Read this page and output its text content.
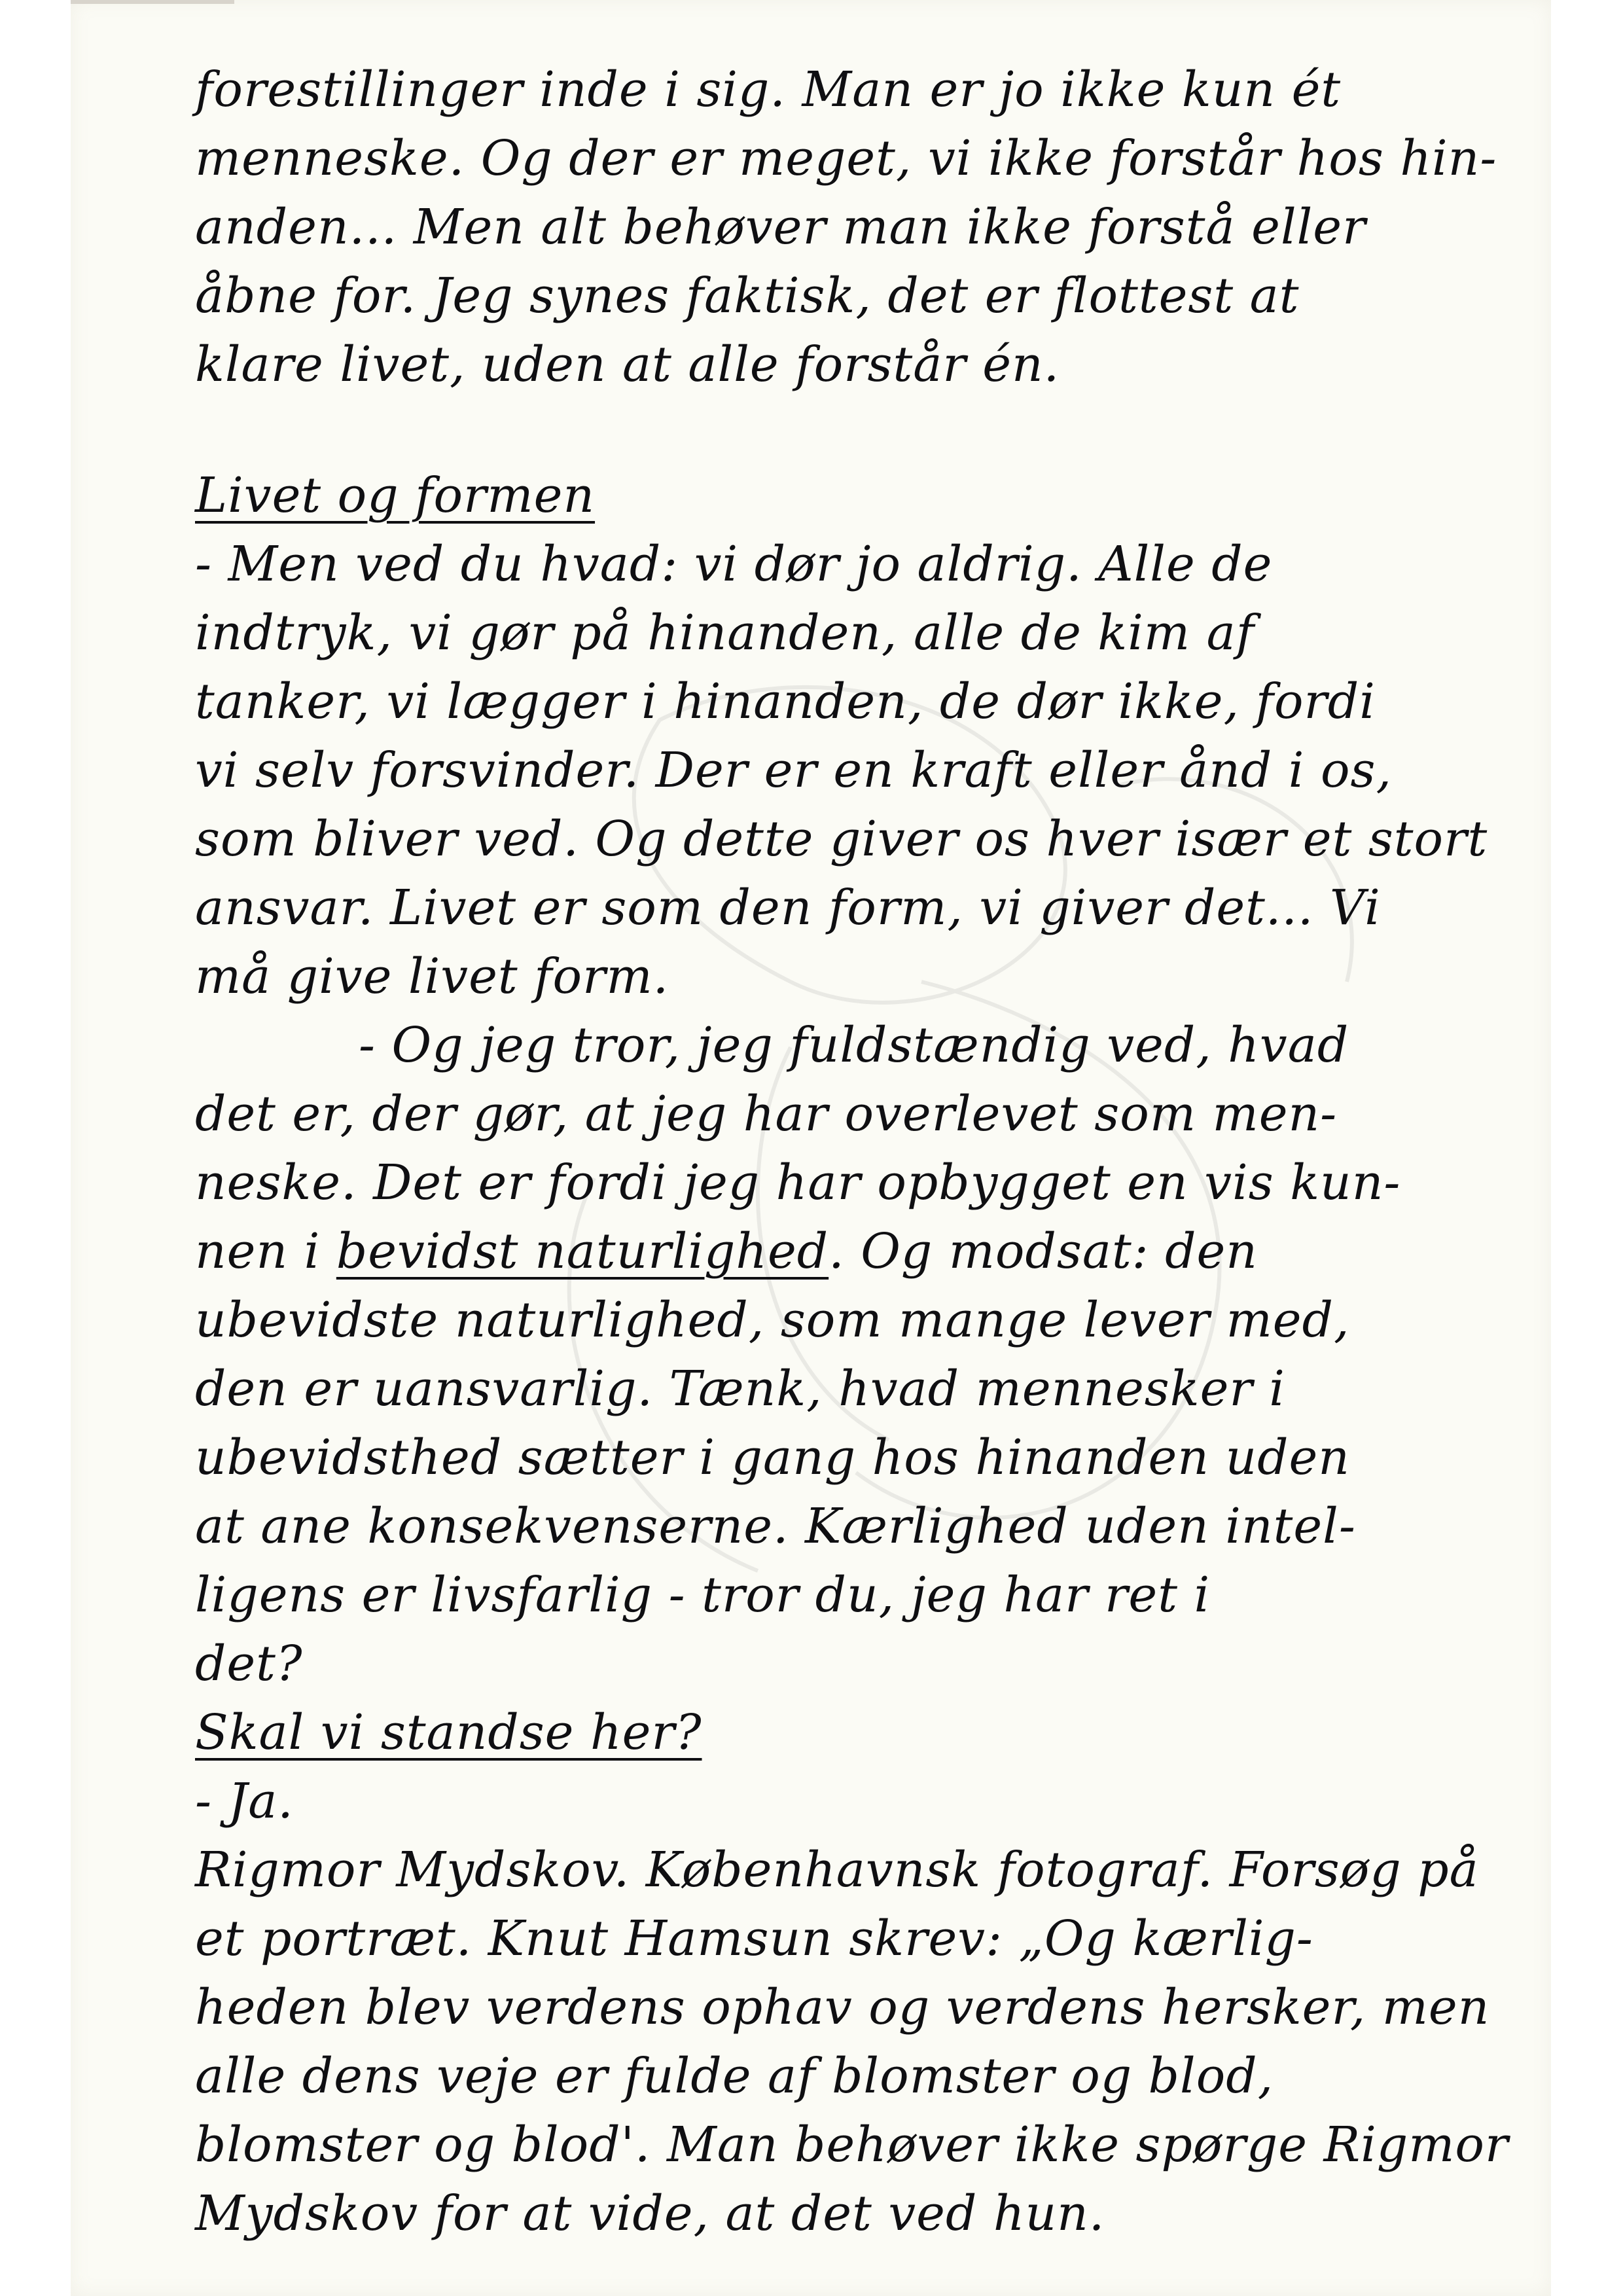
forestillinger inde i sig. Man er jo ikke kun ét
menneske. Og der er meget, vi ikke forstår hos hin-
anden... Men alt behøver man ikke forstå eller
åbne for. Jeg synes faktisk, det er flottest at
klare livet, uden at alle forstår én.
Livet og formen
- Men ved du hvad: vi dør jo aldrig. Alle de
indtryk, vi gør på hinanden, alle de kim af
tanker, vi lægger i hinanden, de dør ikke, fordi
vi selv forsvinder. Der er en kraft eller ånd i os,
som bliver ved. Og dette giver os hver især et stort
ansvar. Livet er som den form, vi giver det... Vi
må give livet form.
- Og jeg tror, jeg fuldstændig ved, hvad
det er, der gør, at jeg har overlevet som men-
neske. Det er fordi jeg har opbygget en vis kun-
nen i bevidst naturlighed. Og modsat: den
ubevidste naturlighed, som mange lever med,
den er uansvarlig. Tænk, hvad mennesker i
ubevidsthed sætter i gang hos hinanden uden
at ane konsekvenserne. Kærlighed uden intel-
ligens er livsfarlig - tror du, jeg har ret i
det?
Skal vi standse her?
- Ja.
Rigmor Mydskov. Københavnsk fotograf. Forsøg på
et portræt. Knut Hamsun skrev: „Og kærlig-
heden blev verdens ophav og verdens hersker, men
alle dens veje er fulde af blomster og blod,
blomster og blod'. Man behøver ikke spørge Rigmor
Mydskov for at vide, at det ved hun.
